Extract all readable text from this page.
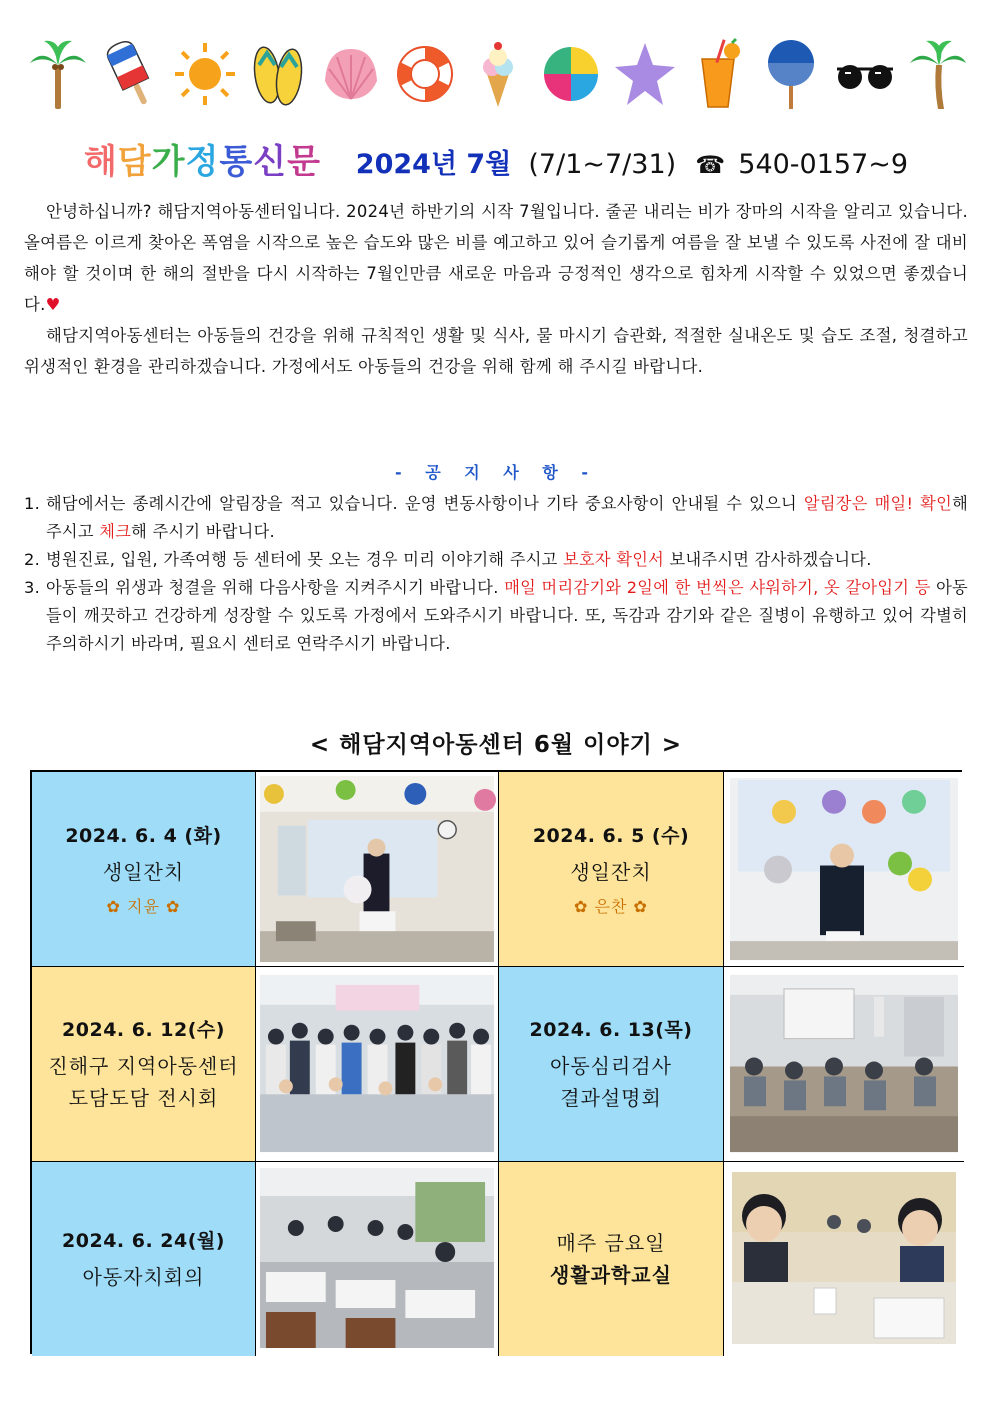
해담가정통신문 2024년 7월 (7/1~7/31) ☎ 540-0157~9

안녕하십니까? 해담지역아동센터입니다. 2024년 하반기의 시작 7월입니다. 줄곧 내리는 비가 장마의 시작을 알리고 있습니다. 올여름은 이르게 찾아온 폭염을 시작으로 높은 습도와 많은 비를 예고하고 있어 슬기롭게 여름을 잘 보낼 수 있도록 사전에 잘 대비해야 할 것이며 한 해의 절반을 다시 시작하는 7월인만큼 새로운 마음과 긍정적인 생각으로 힘차게 시작할 수 있었으면 좋겠습니다.♥

해담지역아동센터는 아동들의 건강을 위해 규칙적인 생활 및 식사, 물 마시기 습관화, 적절한 실내온도 및 습도 조절, 청결하고 위생적인 환경을 관리하겠습니다. 가정에서도 아동들의 건강을 위해 함께 해 주시길 바랍니다.

- 공 지 사 항 -
1. 해담에서는 종례시간에 알림장을 적고 있습니다. 운영 변동사항이나 기타 중요사항이 안내될 수 있으니 알림장은 매일! 확인해 주시고 체크해 주시기 바랍니다.
2. 병원진료, 입원, 가족여행 등 센터에 못 오는 경우 미리 이야기해 주시고 보호자 확인서 보내주시면 감사하겠습니다.
3. 아동들의 위생과 청결을 위해 다음사항을 지켜주시기 바랍니다. 매일 머리감기와 2일에 한 번씩은 샤워하기, 옷 갈아입기 등 아동들이 깨끗하고 건강하게 성장할 수 있도록 가정에서 도와주시기 바랍니다. 또, 독감과 감기와 같은 질병이 유행하고 있어 각별히 주의하시기 바라며, 필요시 센터로 연락주시기 바랍니다.
< 해담지역아동센터 6월 이야기 >
2024. 6. 4 (화)
생일잔치
✿ 지윤 ✿
2024. 6. 5 (수)
생일잔치
✿ 은찬 ✿
2024. 6. 12(수)
진해구 지역아동센터
도담도담 전시회
2024. 6. 13(목)
아동심리검사
결과설명회
2024. 6. 24(월)
아동자치회의
매주 금요일
생활과학교실
